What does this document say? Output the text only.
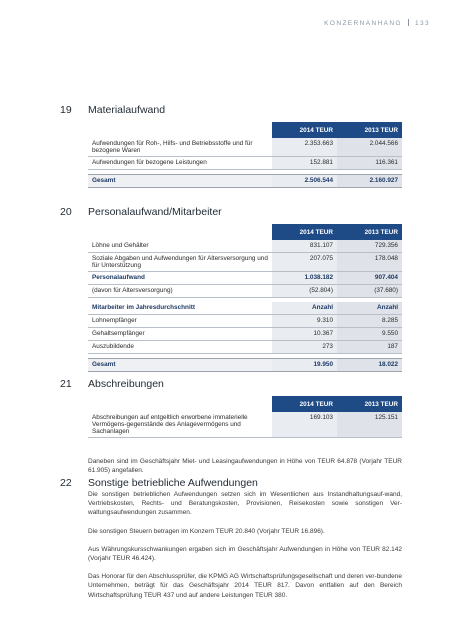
KONZERNANHANG 133
19 Materialaufwand
	2014 TEUR	2013 TEUR
Aufwendungen für Roh-, Hilfs- und Betriebsstoffe und für bezogene Waren	2.353.663	2.044.566
Aufwendungen für bezogene Leistungen	152.881	116.361

Gesamt	2.506.544	2.160.927
20 Personalaufwand/Mitarbeiter
	2014 TEUR	2013 TEUR
Löhne und Gehälter	831.107	729.356
Soziale Abgaben und Aufwendungen für Altersversorgung und für Unterstützung	207.075	178.048
Personalaufwand	1.038.182	907.404
(davon für Altersversorgung)	(52.804)	(37.680)

Mitarbeiter im Jahresdurchschnitt	Anzahl	Anzahl
Lohnempfänger	9.310	8.285
Gehaltsempfänger	10.367	9.550
Auszubildende	273	187

Gesamt	19.950	18.022
21 Abschreibungen
	2014 TEUR	2013 TEUR
Abschreibungen auf entgeltlich erworbene immaterielle Vermögens-gegenstände des Anlagevermögens und Sachanlagen	169.103	125.151

Daneben sind im Geschäftsjahr Miet- und Leasingaufwendungen in Höhe von TEUR 64.878 (Vorjahr TEUR 61.905) angefallen.

22 Sonstige betriebliche Aufwendungen

Die sonstigen betrieblichen Aufwendungen setzen sich im Wesentlichen aus Instandhaltungsauf-wand, Vertriebskosten, Rechts- und Beratungskosten, Provisionen, Reisekosten sowie sonstigen Ver-waltungsaufwendungen zusammen.

Die sonstigen Steuern betragen im Konzern TEUR 20.840 (Vorjahr TEUR 16.896).

Aus Währungskursschwankungen ergaben sich im Geschäftsjahr Aufwendungen in Höhe von TEUR 82.142 (Vorjahr TEUR 46.424).

Das Honorar für den Abschlussprüfer, die KPMG AG Wirtschaftsprüfungsgesellschaft und deren ver-bundene Unternehmen, beträgt für das Geschäftsjahr 2014 TEUR 817. Davon entfallen auf den Bereich Wirtschaftsprüfung TEUR 437 und auf andere Leistungen TEUR 380.
